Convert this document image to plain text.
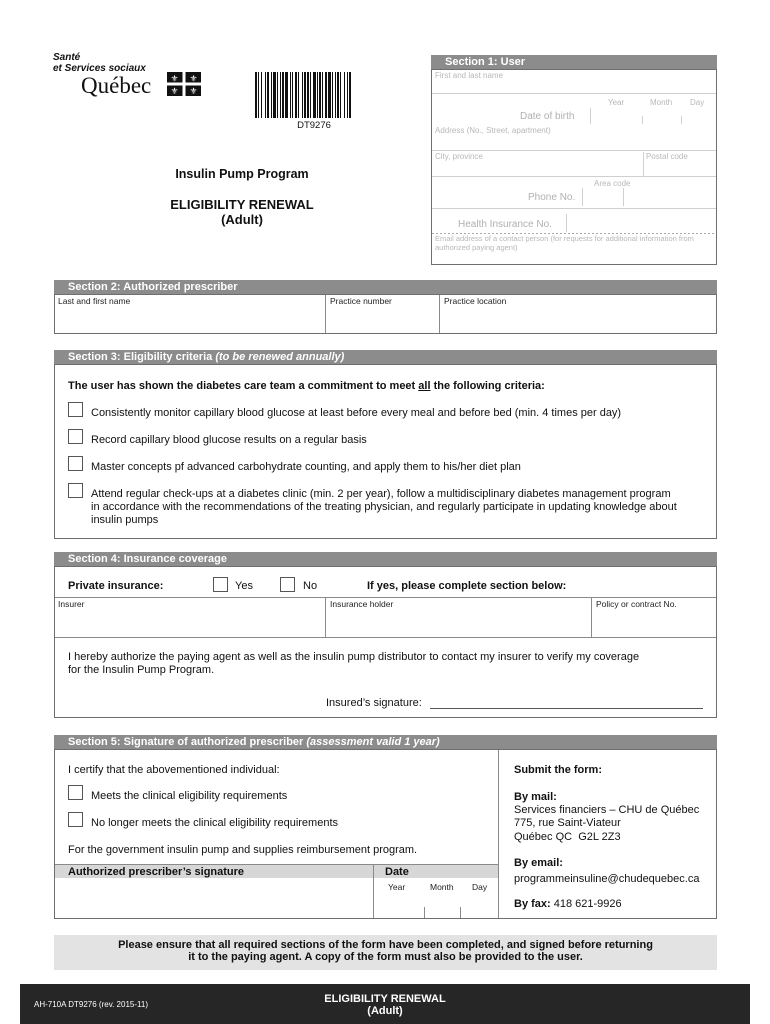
Santé
et Services sociaux
Québec ⚜ ⚜
⚜ ⚜
DT9276
Insulin Pump Program
ELIGIBILITY RENEWAL
(Adult)
Section 1: User
First and last name
Year	Month Day
Date of birth
Address (No., Street, apartment)
City, province	Postal code
Area code
Phone No.
Health Insurance No.
Email address of a contact person (for requests for additional information from
authorized paying agent)
Section 2: Authorized prescriber
Last and first name	Practice number	Practice location
Section 3: Eligibility criteria (to be renewed annually)
The user has shown the diabetes care team a commitment to meet all the following criteria:
Consistently monitor capillary blood glucose at least before every meal and before bed (min. 4 times per day)
Record capillary blood glucose results on a regular basis
Master concepts pf advanced carbohydrate counting, and apply them to his/her diet plan
Attend regular check-ups at a diabetes clinic (min. 2 per year), follow a multidisciplinary diabetes management program
in accordance with the recommendations of the treating physician, and regularly participate in updating knowledge about
insulin pumps
Section 4: Insurance coverage
Private insurance:	Yes	No	If yes, please complete section below:
Insurer	Insurance holder	Policy or contract No.
I hereby authorize the paying agent as well as the insulin pump distributor to contact my insurer to verify my coverage
for the Insulin Pump Program.
Insured’s signature:
Section 5: Signature of authorized prescriber (assessment valid 1 year)
I certify that the abovementioned individual:
Meets the clinical eligibility requirements
No longer meets the clinical eligibility requirements
For the government insulin pump and supplies reimbursement program.
Authorized prescriber’s signature	Date
Year	Month Day
Submit the form:
By mail:
Services financiers – CHU de Québec
775, rue Saint-Viateur
Québec QC  G2L 2Z3
By email:
programmeinsuline@chudequebec.ca
By fax: 418 621-9926
Please ensure that all required sections of the form have been completed, and signed before returning
it to the paying agent. A copy of the form must also be provided to the user.
AH-710A DT9276 (rev. 2015-11)	ELIGIBILITY RENEWAL
(Adult)
